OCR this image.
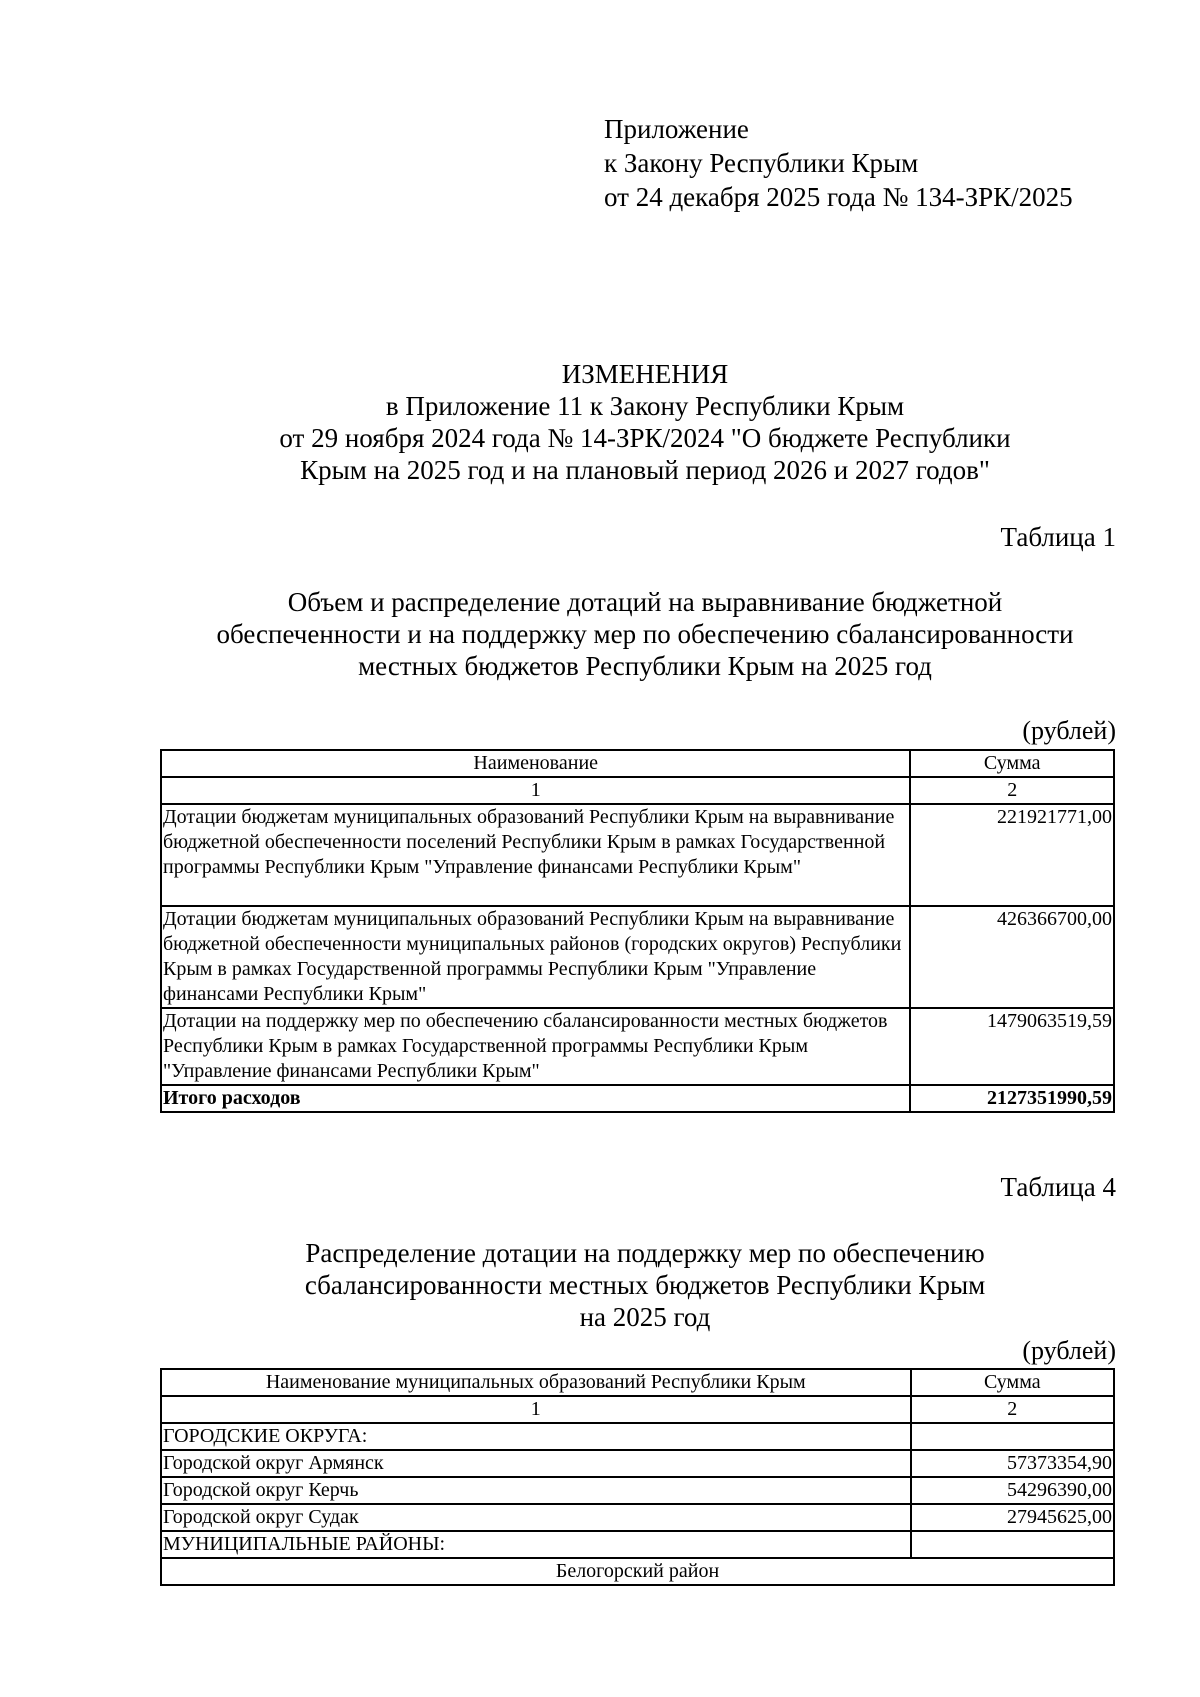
Приложение
к Закону Республики Крым
от 24 декабря 2025 года № 134-ЗРК/2025
ИЗМЕНЕНИЯ
в Приложение 11 к Закону Республики Крым
от 29 ноября 2024 года № 14-ЗРК/2024 "О бюджете Республики
Крым на 2025 год и на плановый период 2026 и 2027 годов"
Таблица 1
Объем и распределение дотаций на выравнивание бюджетной
обеспеченности и на поддержку мер по обеспечению сбалансированности
местных бюджетов Республики Крым на 2025 год
(рублей)
Наименование	Сумма
1	2
Дотации бюджетам муниципальных образований Республики Крым на выравнивание бюджетной обеспеченности поселений Республики Крым в рамках Государственной программы Республики Крым "Управление финансами Республики Крым"	221921771,00
Дотации бюджетам муниципальных образований Республики Крым на выравнивание бюджетной обеспеченности муниципальных районов (городских округов) Республики Крым в рамках Государственной программы Республики Крым "Управление финансами Республики Крым"	426366700,00
Дотации на поддержку мер по обеспечению сбалансированности местных бюджетов Республики Крым в рамках Государственной программы Республики Крым "Управление финансами Республики Крым"	1479063519,59
Итого расходов	2127351990,59
Таблица 4
Распределение дотации на поддержку мер по обеспечению
сбалансированности местных бюджетов Республики Крым
на 2025 год
(рублей)
Наименование муниципальных образований Республики Крым	Сумма
1	2
ГОРОДСКИЕ ОКРУГА:	
Городской округ Армянск	57373354,90
Городской округ Керчь	54296390,00
Городской округ Судак	27945625,00
МУНИЦИПАЛЬНЫЕ РАЙОНЫ:	
Белогорский район	
